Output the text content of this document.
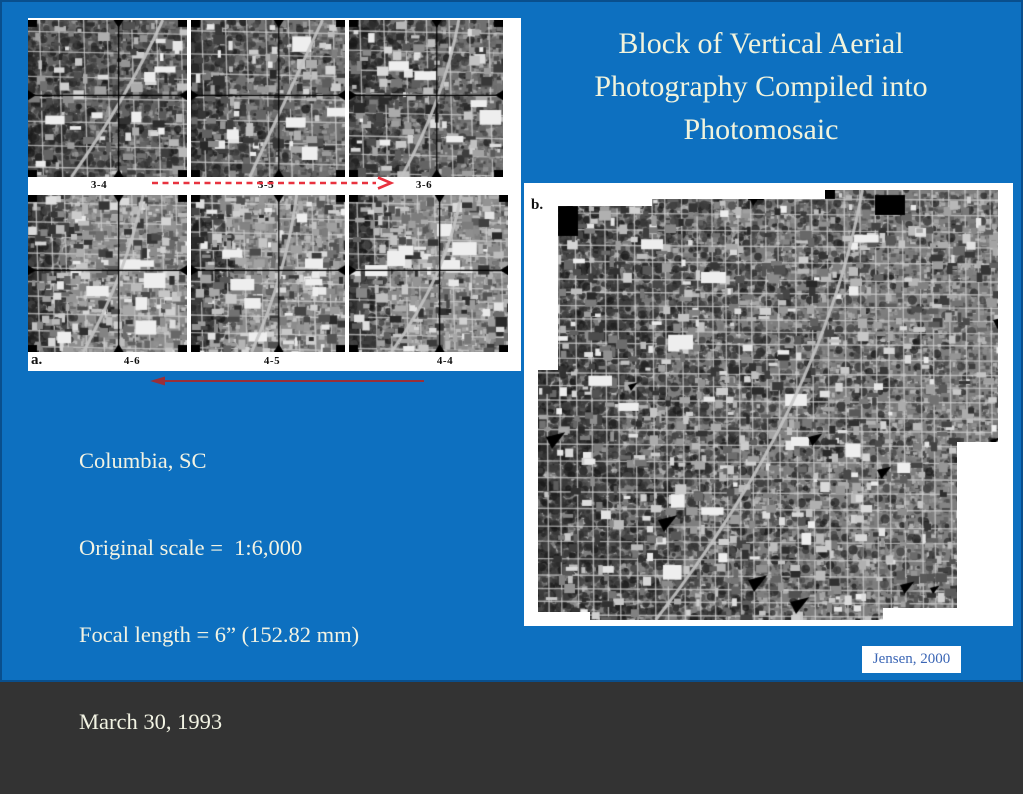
Block of Vertical Aerial
Photography Compiled into
Photomosaic
3-4	3-5	3-6
a.	4-6	4-5	4-4

Columbia, SC

Original scale =  1:6,000

Focal length = 6” (152.82 mm)

March 30, 1993

b.
Jensen, 2000
